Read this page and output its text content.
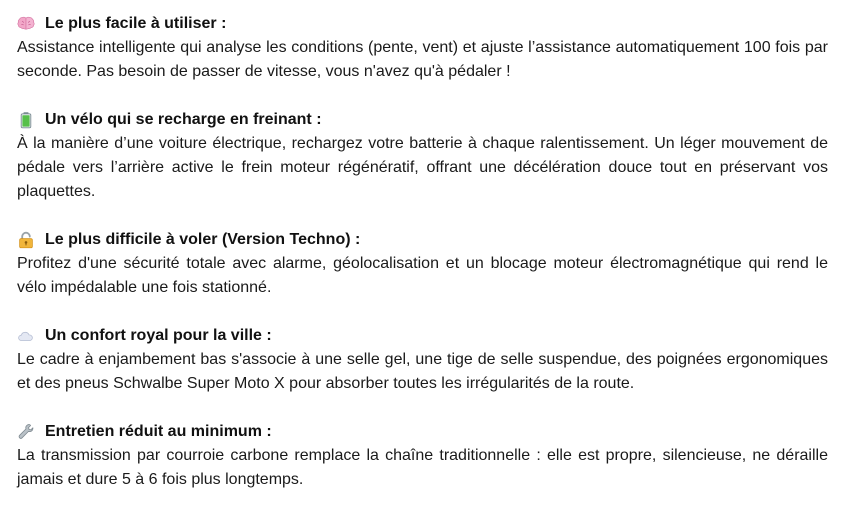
Le plus facile à utiliser :

Assistance intelligente qui analyse les conditions (pente, vent) et ajuste l’assistance automatiquement 100 fois par seconde. Pas besoin de passer de vitesse, vous n'avez qu'à pédaler !

Un vélo qui se recharge en freinant :

À la manière d’une voiture électrique, rechargez votre batterie à chaque ralentissement. Un léger mouvement de pédale vers l’arrière active le frein moteur régénératif, offrant une décélération douce tout en préservant vos plaquettes.

Le plus difficile à voler (Version Techno) :

Profitez d'une sécurité totale avec alarme, géolocalisation et un blocage moteur électromagnétique qui rend le vélo impédalable une fois stationné.

Un confort royal pour la ville :

Le cadre à enjambement bas s'associe à une selle gel, une tige de selle suspendue, des poignées ergonomiques et des pneus Schwalbe Super Moto X pour absorber toutes les irrégularités de la route.

Entretien réduit au minimum :

La transmission par courroie carbone remplace la chaîne traditionnelle : elle est propre, silencieuse, ne déraille jamais et dure 5 à 6 fois plus longtemps.
